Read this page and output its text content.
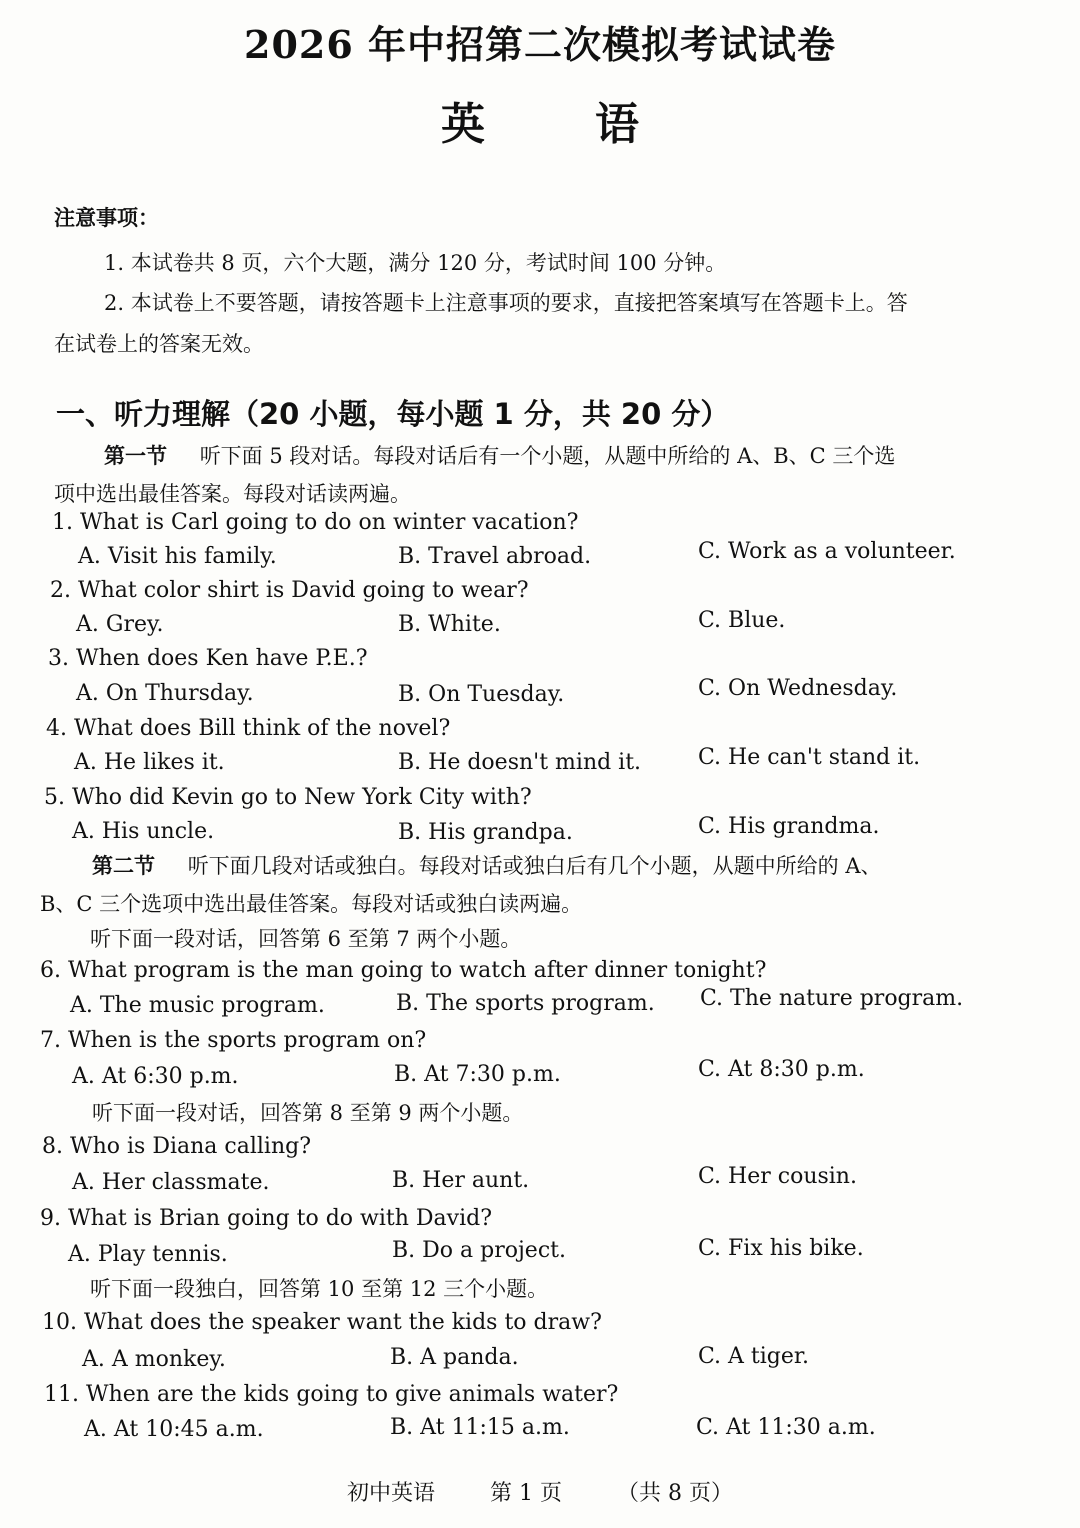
2026 年中招第二次模拟考试试卷
英语
注意事项：
1. 本试卷共 8 页，六个大题，满分 120 分，考试时间 100 分钟。
2. 本试卷上不要答题，请按答题卡上注意事项的要求，直接把答案填写在答题卡上。答
在试卷上的答案无效。
一、听力理解（20 小题，每小题 1 分，共 20 分）
第一节 听下面 5 段对话。每段对话后有一个小题，从题中所给的 A、B、C 三个选
项中选出最佳答案。每段对话读两遍。
1. What is Carl going to do on winter vacation?
A. Visit his family.	B. Travel abroad.	C. Work as a volunteer.
2. What color shirt is David going to wear?
A. Grey.	B. White.	C. Blue.
3. When does Ken have P.E.?
A. On Thursday.	B. On Tuesday.	C. On Wednesday.
4. What does Bill think of the novel?
A. He likes it.	B. He doesn't mind it.	C. He can't stand it.
5. Who did Kevin go to New York City with?
A. His uncle.	B. His grandpa.	C. His grandma.
第二节 听下面几段对话或独白。每段对话或独白后有几个小题，从题中所给的 A、
B、C 三个选项中选出最佳答案。每段对话或独白读两遍。
听下面一段对话，回答第 6 至第 7 两个小题。
6. What program is the man going to watch after dinner tonight?
A. The music program.	B. The sports program. C. The nature program.
7. When is the sports program on?
A. At 6:30 p.m.	B. At 7:30 p.m.	C. At 8:30 p.m.
听下面一段对话，回答第 8 至第 9 两个小题。
8. Who is Diana calling?
A. Her classmate.	B. Her aunt.	C. Her cousin.
9. What is Brian going to do with David?
A. Play tennis.	B. Do a project.	C. Fix his bike.
听下面一段独白，回答第 10 至第 12 三个小题。
10. What does the speaker want the kids to draw?
A. A monkey.	B. A panda.	C. A tiger.
11. When are the kids going to give animals water?
A. At 10:45 a.m.	B. At 11:15 a.m.	C. At 11:30 a.m.
初中英语	第 1 页	（共 8 页）
